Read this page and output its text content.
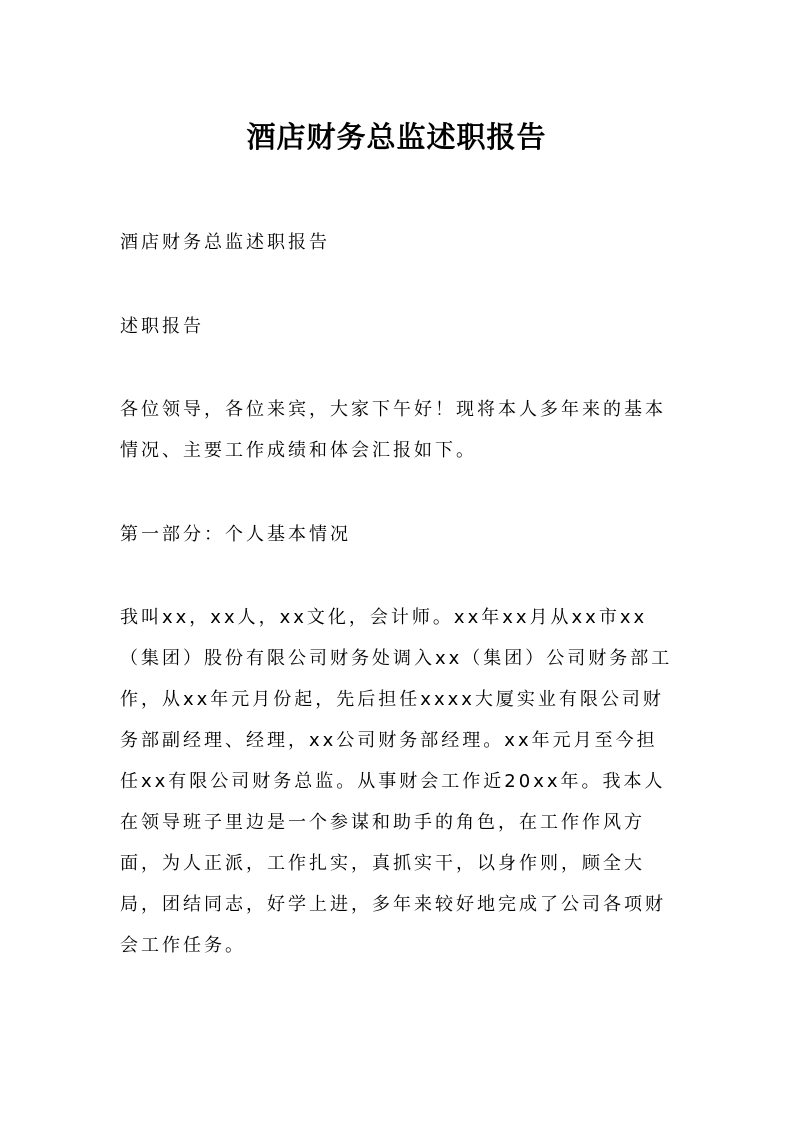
酒店财务总监述职报告

酒店财务总监述职报告

述职报告

各位领导，各位来宾，大家下午好！现将本人多年来的基本情况、主要工作成绩和体会汇报如下。

第一部分：个人基本情况

我叫xx，xx人，xx文化，会计师。xx年xx月从xx市xx（集团）股份有限公司财务处调入xx（集团）公司财务部工作，从xx年元月份起，先后担任xxxx大厦实业有限公司财务部副经理、经理，xx公司财务部经理。xx年元月至今担任xx有限公司财务总监。从事财会工作近20xx年。我本人在领导班子里边是一个参谋和助手的角色，在工作作风方面，为人正派，工作扎实，真抓实干，以身作则，顾全大局，团结同志，好学上进，多年来较好地完成了公司各项财会工作任务。
